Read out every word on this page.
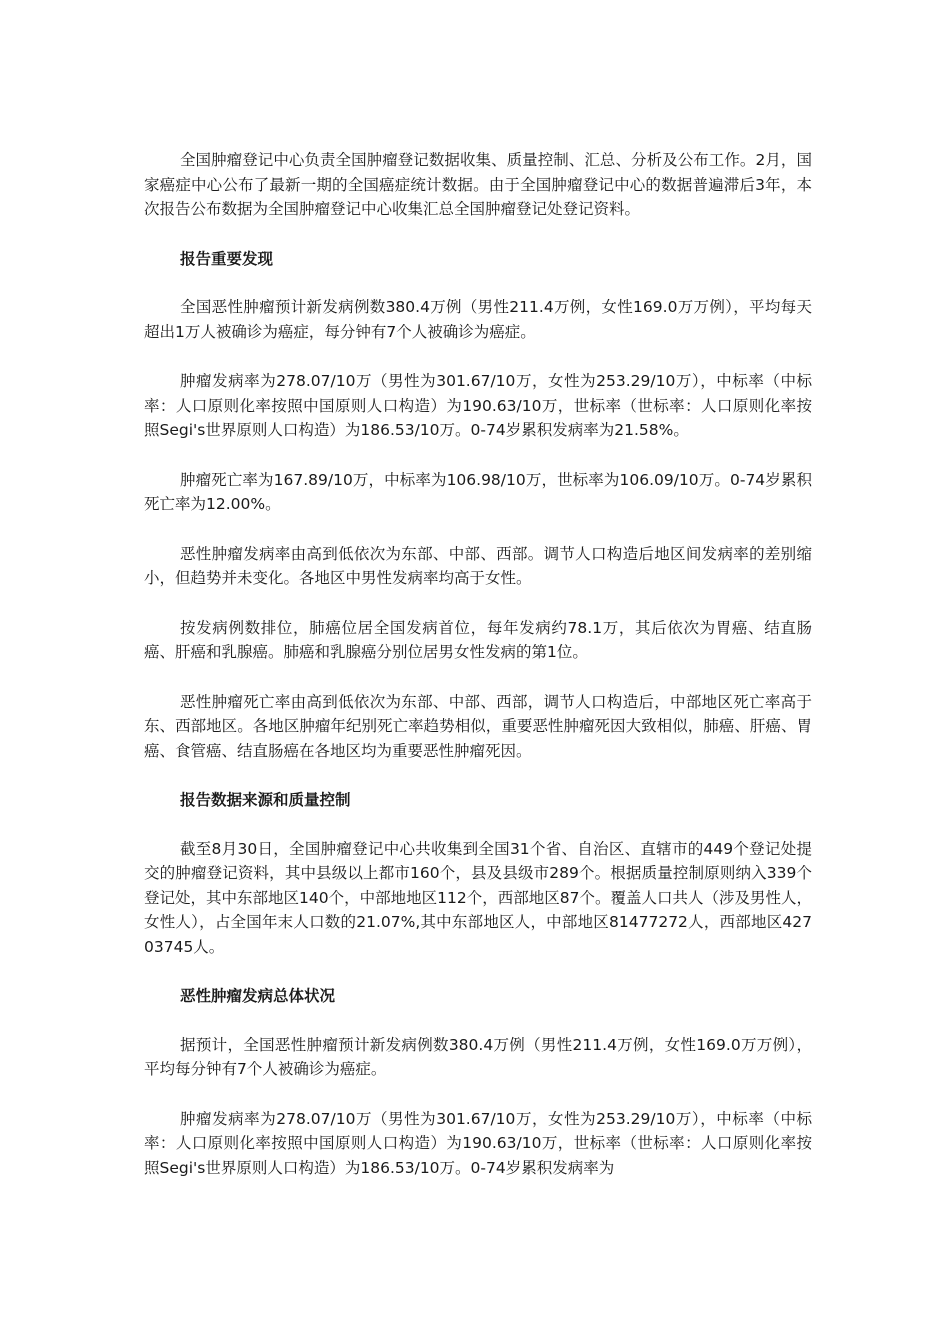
全国肿瘤登记中心负责全国肿瘤登记数据收集、质量控制、汇总、分析及公布工作。2月，国家癌症中心公布了最新一期的全国癌症统计数据。由于全国肿瘤登记中心的数据普遍滞后3年，本次报告公布数据为全国肿瘤登记中心收集汇总全国肿瘤登记处登记资料。

报告重要发现

全国恶性肿瘤预计新发病例数380.4万例（男性211.4万例，女性169.0万万例），平均每天超出1万人被确诊为癌症，每分钟有7个人被确诊为癌症。

肿瘤发病率为278.07/10万（男性为301.67/10万，女性为253.29/10万），中标率（中标率：人口原则化率按照中国原则人口构造）为190.63/10万，世标率（世标率：人口原则化率按照Segi's世界原则人口构造）为186.53/10万。0-74岁累积发病率为21.58%。

肿瘤死亡率为167.89/10万，中标率为106.98/10万，世标率为106.09/10万。0-74岁累积死亡率为12.00%。

恶性肿瘤发病率由高到低依次为东部、中部、西部。调节人口构造后地区间发病率的差别缩小，但趋势并未变化。各地区中男性发病率均高于女性。

按发病例数排位，肺癌位居全国发病首位，每年发病约78.1万，其后依次为胃癌、结直肠癌、肝癌和乳腺癌。肺癌和乳腺癌分别位居男女性发病的第1位。

恶性肿瘤死亡率由高到低依次为东部、中部、西部，调节人口构造后，中部地区死亡率高于东、西部地区。各地区肿瘤年纪别死亡率趋势相似，重要恶性肿瘤死因大致相似，肺癌、肝癌、胃癌、食管癌、结直肠癌在各地区均为重要恶性肿瘤死因。

报告数据来源和质量控制

截至8月30日，全国肿瘤登记中心共收集到全国31个省、自治区、直辖市的449个登记处提交的肿瘤登记资料，其中县级以上都市160个，县及县级市289个。根据质量控制原则纳入339个登记处，其中东部地区140个，中部地地区112个，西部地区87个。覆盖人口共人（涉及男性人，女性人），占全国年末人口数的21.07%,其中东部地区人，中部地区81477272人，西部地区42703745人。

恶性肿瘤发病总体状况

据预计，全国恶性肿瘤预计新发病例数380.4万例（男性211.4万例，女性169.0万万例），平均每分钟有7个人被确诊为癌症。

肿瘤发病率为278.07/10万（男性为301.67/10万，女性为253.29/10万），中标率（中标率：人口原则化率按照中国原则人口构造）为190.63/10万，世标率（世标率：人口原则化率按照Segi's世界原则人口构造）为186.53/10万。0-74岁累积发病率为
